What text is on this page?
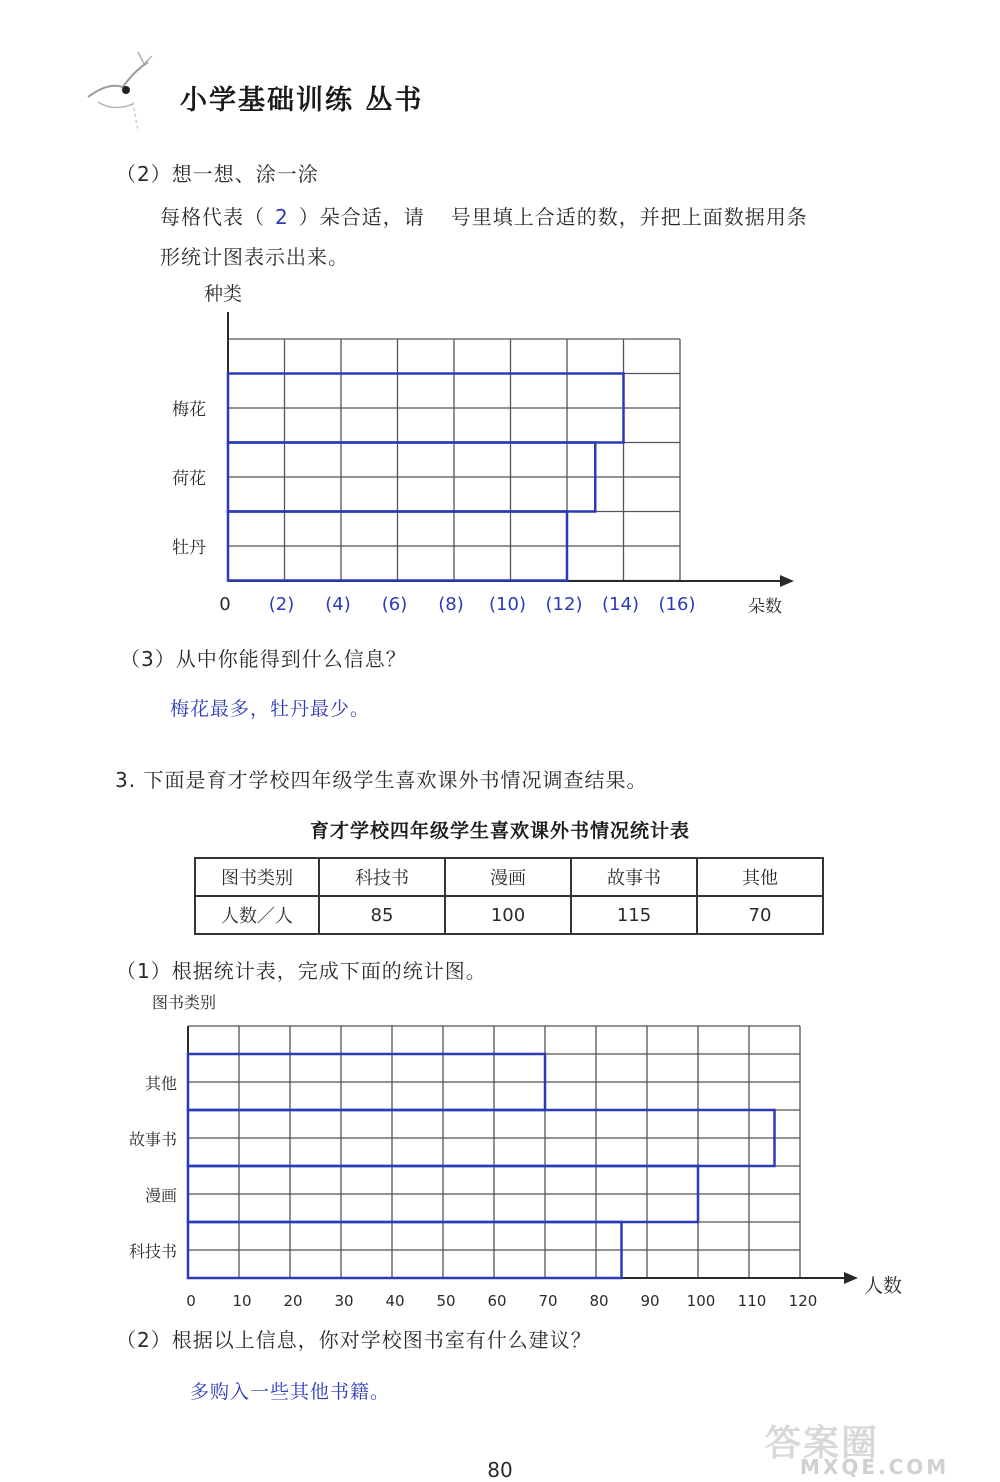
小学基础训练 丛书
（2）想一想、涂一涂
每格代表（ 2 ）朵合适，请 号里填上合适的数，并把上面数据用条
形统计图表示出来。
（3）从中你能得到什么信息？
梅花最多，牡丹最少。
3. 下面是育才学校四年级学生喜欢课外书情况调查结果。
育才学校四年级学生喜欢课外书情况统计表
图书类别	科技书	漫画	故事书	其他
人数／人	85	100	115	70
（1）根据统计表，完成下面的统计图。
（2）根据以上信息，你对学校图书室有什么建议？
多购入一些其他书籍。
80
答案圈
MXQE.COM
梅花
荷花
牡丹
0 (2) (4) (6) (8) (10) (12) (14) (16)
种类
朵数
其他
故事书
漫画
科技书
0 10 20 30 40 50 60 70 80 90 100 110 120
图书类别
人数
